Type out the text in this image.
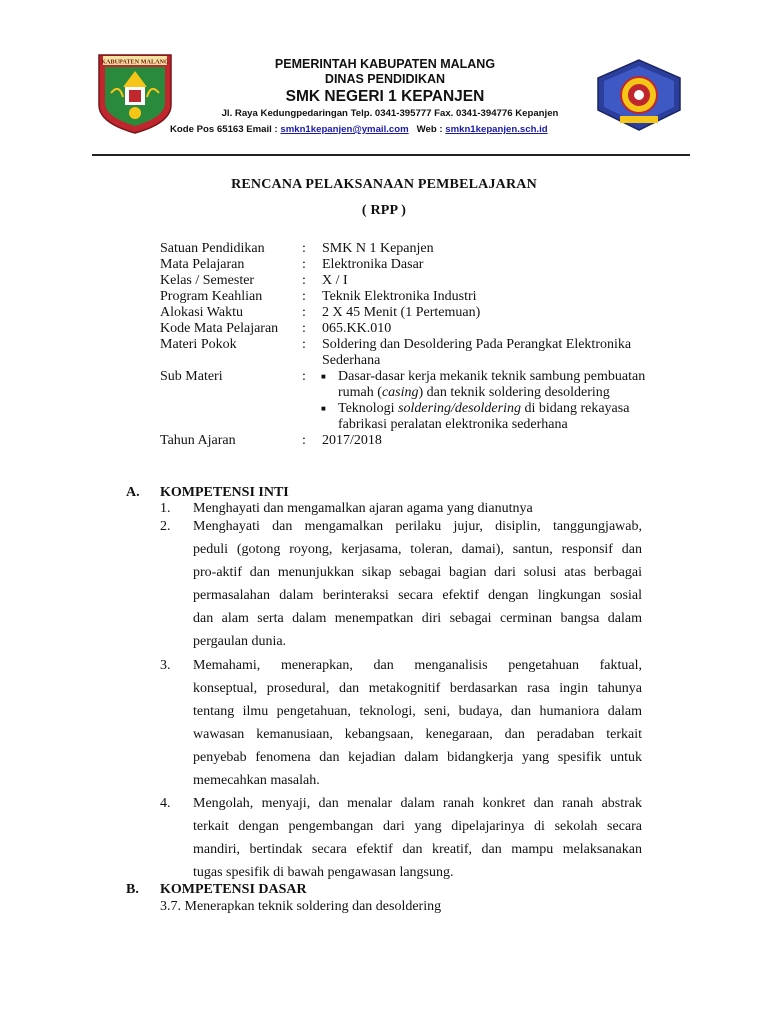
KABUPATEN MALANG	PEMERINTAH KABUPATEN MALANG
DINAS PENDIDIKAN
SMK NEGERI 1 KEPANJEN
Jl. Raya Kedungpedaringan Telp. 0341-395777 Fax. 0341-394776 Kepanjen
Kode Pos 65163 Email : smkn1kepanjen@ymail.com   Web : smkn1kepanjen.sch.id
RENCANA PELAKSANAAN PEMBELAJARAN
( RPP )
Satuan Pendidikan	: SMK N 1 Kepanjen
Mata Pelajaran	: Elektronika Dasar
Kelas / Semester	: X / I
Program Keahlian	: Teknik Elektronika Industri
Alokasi Waktu	: 2 X 45 Menit (1 Pertemuan)
Kode Mata Pelajaran : 065.KK.010
Materi Pokok	: Soldering dan Desoldering Pada Perangkat Elektronika
Sederhana
Sub Materi	: ■ Dasar-dasar kerja mekanik teknik sambung pembuatan
rumah (casing) dan teknik soldering desoldering
■ Teknologi soldering/desoldering di bidang rekayasa
fabrikasi peralatan elektronika sederhana
Tahun Ajaran	: 2017/2018
A. KOMPETENSI INTI
1. Menghayati dan mengamalkan ajaran agama yang dianutnya
2. Menghayati dan mengamalkan perilaku jujur, disiplin, tanggungjawab,
peduli (gotong royong, kerjasama, toleran, damai), santun, responsif dan
pro-aktif dan menunjukkan sikap sebagai bagian dari solusi atas berbagai
permasalahan dalam berinteraksi secara efektif dengan lingkungan sosial
dan alam serta dalam menempatkan diri sebagai cerminan bangsa dalam
pergaulan dunia.
3. Memahami, menerapkan, dan menganalisis pengetahuan faktual,
konseptual, prosedural, dan metakognitif berdasarkan rasa ingin tahunya
tentang ilmu pengetahuan, teknologi, seni, budaya, dan humaniora dalam
wawasan kemanusiaan, kebangsaan, kenegaraan, dan peradaban terkait
penyebab fenomena dan kejadian dalam bidangkerja yang spesifik untuk
memecahkan masalah.
4. Mengolah, menyaji, dan menalar dalam ranah konkret dan ranah abstrak
terkait dengan pengembangan dari yang dipelajarinya di sekolah secara
mandiri, bertindak secara efektif dan kreatif, dan mampu melaksanakan
tugas spesifik di bawah pengawasan langsung.
B. KOMPETENSI DASAR
3.7. Menerapkan teknik soldering dan desoldering
